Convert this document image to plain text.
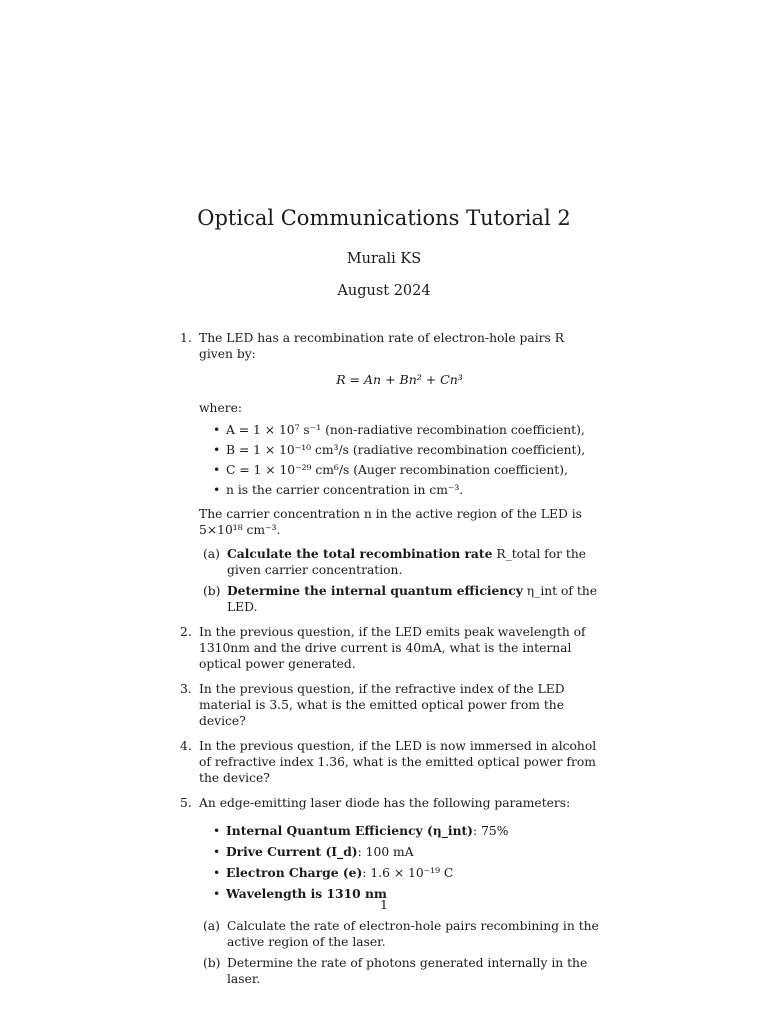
Optical Communications Tutorial 2
Murali KS
August 2024
1. The LED has a recombination rate of electron-hole pairs R given by:

R = An + Bn² + Cn³

where:

• A = 1 × 10⁷ s⁻¹ (non-radiative recombination coefficient),
• B = 1 × 10⁻¹⁰ cm³/s (radiative recombination coefficient),
• C = 1 × 10⁻²⁹ cm⁶/s (Auger recombination coefficient),
• n is the carrier concentration in cm⁻³.

The carrier concentration n in the active region of the LED is 5×10¹⁸ cm⁻³.

(a) Calculate the total recombination rate R_total for the given carrier concentration.
(b) Determine the internal quantum efficiency η_int of the LED.
2. In the previous question, if the LED emits peak wavelength of 1310nm and the drive current is 40mA, what is the internal optical power generated.

3. In the previous question, if the refractive index of the LED material is 3.5, what is the emitted optical power from the device?

4. In the previous question, if the LED is now immersed in alcohol of refractive index 1.36, what is the emitted optical power from the device?

5. An edge-emitting laser diode has the following parameters:

• Internal Quantum Efficiency (η_int): 75%
• Drive Current (I_d): 100 mA
• Electron Charge (e): 1.6 × 10⁻¹⁹ C
• Wavelength is 1310 nm
(a) Calculate the rate of electron-hole pairs recombining in the active region of the laser.
(b) Determine the rate of photons generated internally in the laser.
1
